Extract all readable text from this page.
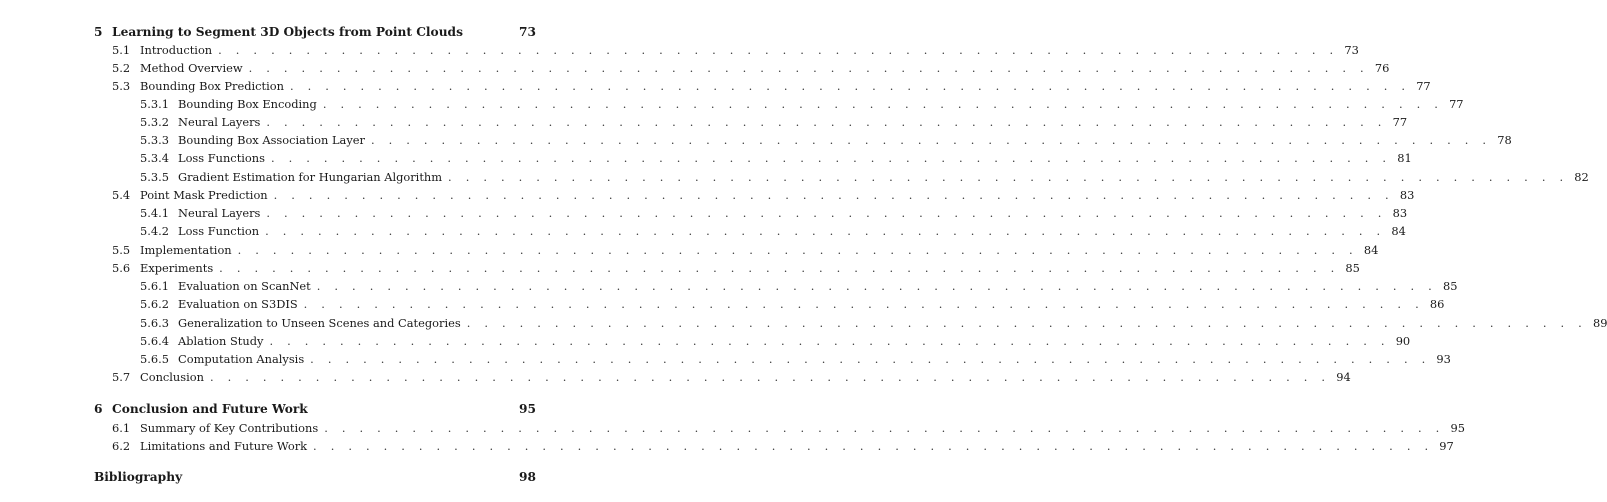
5 Learning to Segment 3D Objects from Point Clouds	73
5.1 Introduction . . . . . . . . . . . . . . . . . . . . . . . . . . . . . . . . . . . . . . . . . . . . . . . . . . . . . . . . . . . . . . . . 73
5.2 Method Overview . . . . . . . . . . . . . . . . . . . . . . . . . . . . . . . . . . . . . . . . . . . . . . . . . . . . . . . . . . . . . . . . 76
5.3 Bounding Box Prediction . . . . . . . . . . . . . . . . . . . . . . . . . . . . . . . . . . . . . . . . . . . . . . . . . . . . . . . . . . . . . . . . 77
5.3.1 Bounding Box Encoding . . . . . . . . . . . . . . . . . . . . . . . . . . . . . . . . . . . . . . . . . . . . . . . . . . . . . . . . . . . . . . . . 77
5.3.2 Neural Layers . . . . . . . . . . . . . . . . . . . . . . . . . . . . . . . . . . . . . . . . . . . . . . . . . . . . . . . . . . . . . . . . 77
5.3.3 Bounding Box Association Layer . . . . . . . . . . . . . . . . . . . . . . . . . . . . . . . . . . . . . . . . . . . . . . . . . . . . . . . . . . . . . . . . 78
5.3.4 Loss Functions . . . . . . . . . . . . . . . . . . . . . . . . . . . . . . . . . . . . . . . . . . . . . . . . . . . . . . . . . . . . . . . . 81
5.3.5 Gradient Estimation for Hungarian Algorithm . . . . . . . . . . . . . . . . . . . . . . . . . . . . . . . . . . . . . . . . . . . . . . . . . . . . . . . . . . . . . . . . 82
5.4 Point Mask Prediction . . . . . . . . . . . . . . . . . . . . . . . . . . . . . . . . . . . . . . . . . . . . . . . . . . . . . . . . . . . . . . . . 83
5.4.1 Neural Layers . . . . . . . . . . . . . . . . . . . . . . . . . . . . . . . . . . . . . . . . . . . . . . . . . . . . . . . . . . . . . . . . 83
5.4.2 Loss Function . . . . . . . . . . . . . . . . . . . . . . . . . . . . . . . . . . . . . . . . . . . . . . . . . . . . . . . . . . . . . . . . 84
5.5 Implementation . . . . . . . . . . . . . . . . . . . . . . . . . . . . . . . . . . . . . . . . . . . . . . . . . . . . . . . . . . . . . . . . 84
5.6 Experiments . . . . . . . . . . . . . . . . . . . . . . . . . . . . . . . . . . . . . . . . . . . . . . . . . . . . . . . . . . . . . . . . 85
5.6.1 Evaluation on ScanNet . . . . . . . . . . . . . . . . . . . . . . . . . . . . . . . . . . . . . . . . . . . . . . . . . . . . . . . . . . . . . . . . 85
5.6.2 Evaluation on S3DIS . . . . . . . . . . . . . . . . . . . . . . . . . . . . . . . . . . . . . . . . . . . . . . . . . . . . . . . . . . . . . . . . 86
5.6.3 Generalization to Unseen Scenes and Categories . . . . . . . . . . . . . . . . . . . . . . . . . . . . . . . . . . . . . . . . . . . . . . . . . . . . . . . . . . . . . . . . 89
5.6.4 Ablation Study . . . . . . . . . . . . . . . . . . . . . . . . . . . . . . . . . . . . . . . . . . . . . . . . . . . . . . . . . . . . . . . . 90
5.6.5 Computation Analysis . . . . . . . . . . . . . . . . . . . . . . . . . . . . . . . . . . . . . . . . . . . . . . . . . . . . . . . . . . . . . . . . 93
5.7 Conclusion . . . . . . . . . . . . . . . . . . . . . . . . . . . . . . . . . . . . . . . . . . . . . . . . . . . . . . . . . . . . . . . . 94
6 Conclusion and Future Work	95
6.1 Summary of Key Contributions . . . . . . . . . . . . . . . . . . . . . . . . . . . . . . . . . . . . . . . . . . . . . . . . . . . . . . . . . . . . . . . . 95
6.2 Limitations and Future Work . . . . . . . . . . . . . . . . . . . . . . . . . . . . . . . . . . . . . . . . . . . . . . . . . . . . . . . . . . . . . . . . 97
Bibliography	98
